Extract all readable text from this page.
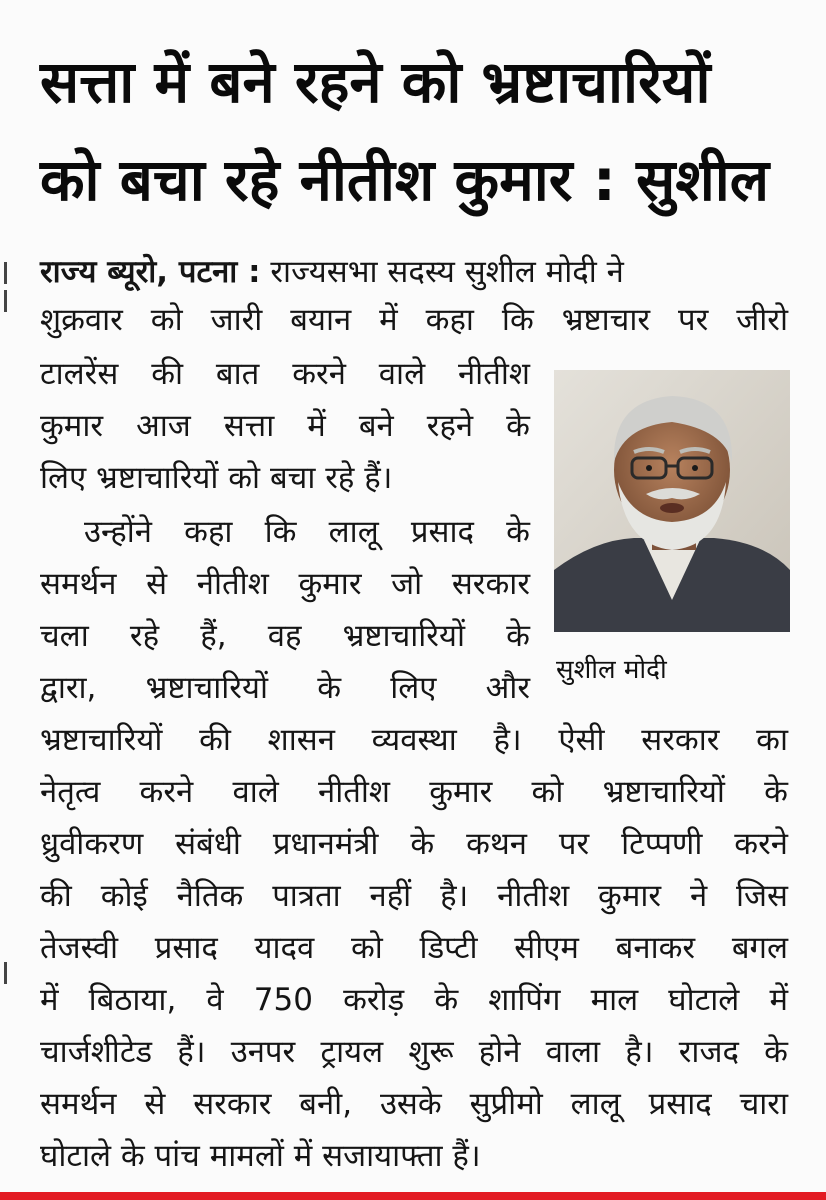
सत्ता में बने रहने को भ्रष्टाचारियों
को बचा रहे नीतीश कुमार : सुशील
राज्य ब्यूरो, पटना : राज्यसभा सदस्य सुशील मोदी ने
शुक्रवार को जारी बयान में कहा कि भ्रष्टाचार पर जीरो
टालरेंस की बात करने वाले नीतीश
कुमार आज सत्ता में बने रहने के
लिए भ्रष्टाचारियों को बचा रहे हैं।
उन्होंने कहा कि लालू प्रसाद के
समर्थन से नीतीश कुमार जो सरकार
चला रहे हैं, वह भ्रष्टाचारियों के
द्वारा, भ्रष्टाचारियों के लिए और
भ्रष्टाचारियों की शासन व्यवस्था है। ऐसी सरकार का
नेतृत्व करने वाले नीतीश कुमार को भ्रष्टाचारियों के
ध्रुवीकरण संबंधी प्रधानमंत्री के कथन पर टिप्पणी करने
की कोई नैतिक पात्रता नहीं है। नीतीश कुमार ने जिस
तेजस्वी प्रसाद यादव को डिप्टी सीएम बनाकर बगल
में बिठाया, वे 750 करोड़ के शापिंग माल घोटाले में
चार्जशीटेड हैं। उनपर ट्रायल शुरू होने वाला है। राजद के
समर्थन से सरकार बनी, उसके सुप्रीमो लालू प्रसाद चारा
घोटाले के पांच मामलों में सजायाफ्ता हैं।
सुशील मोदी
